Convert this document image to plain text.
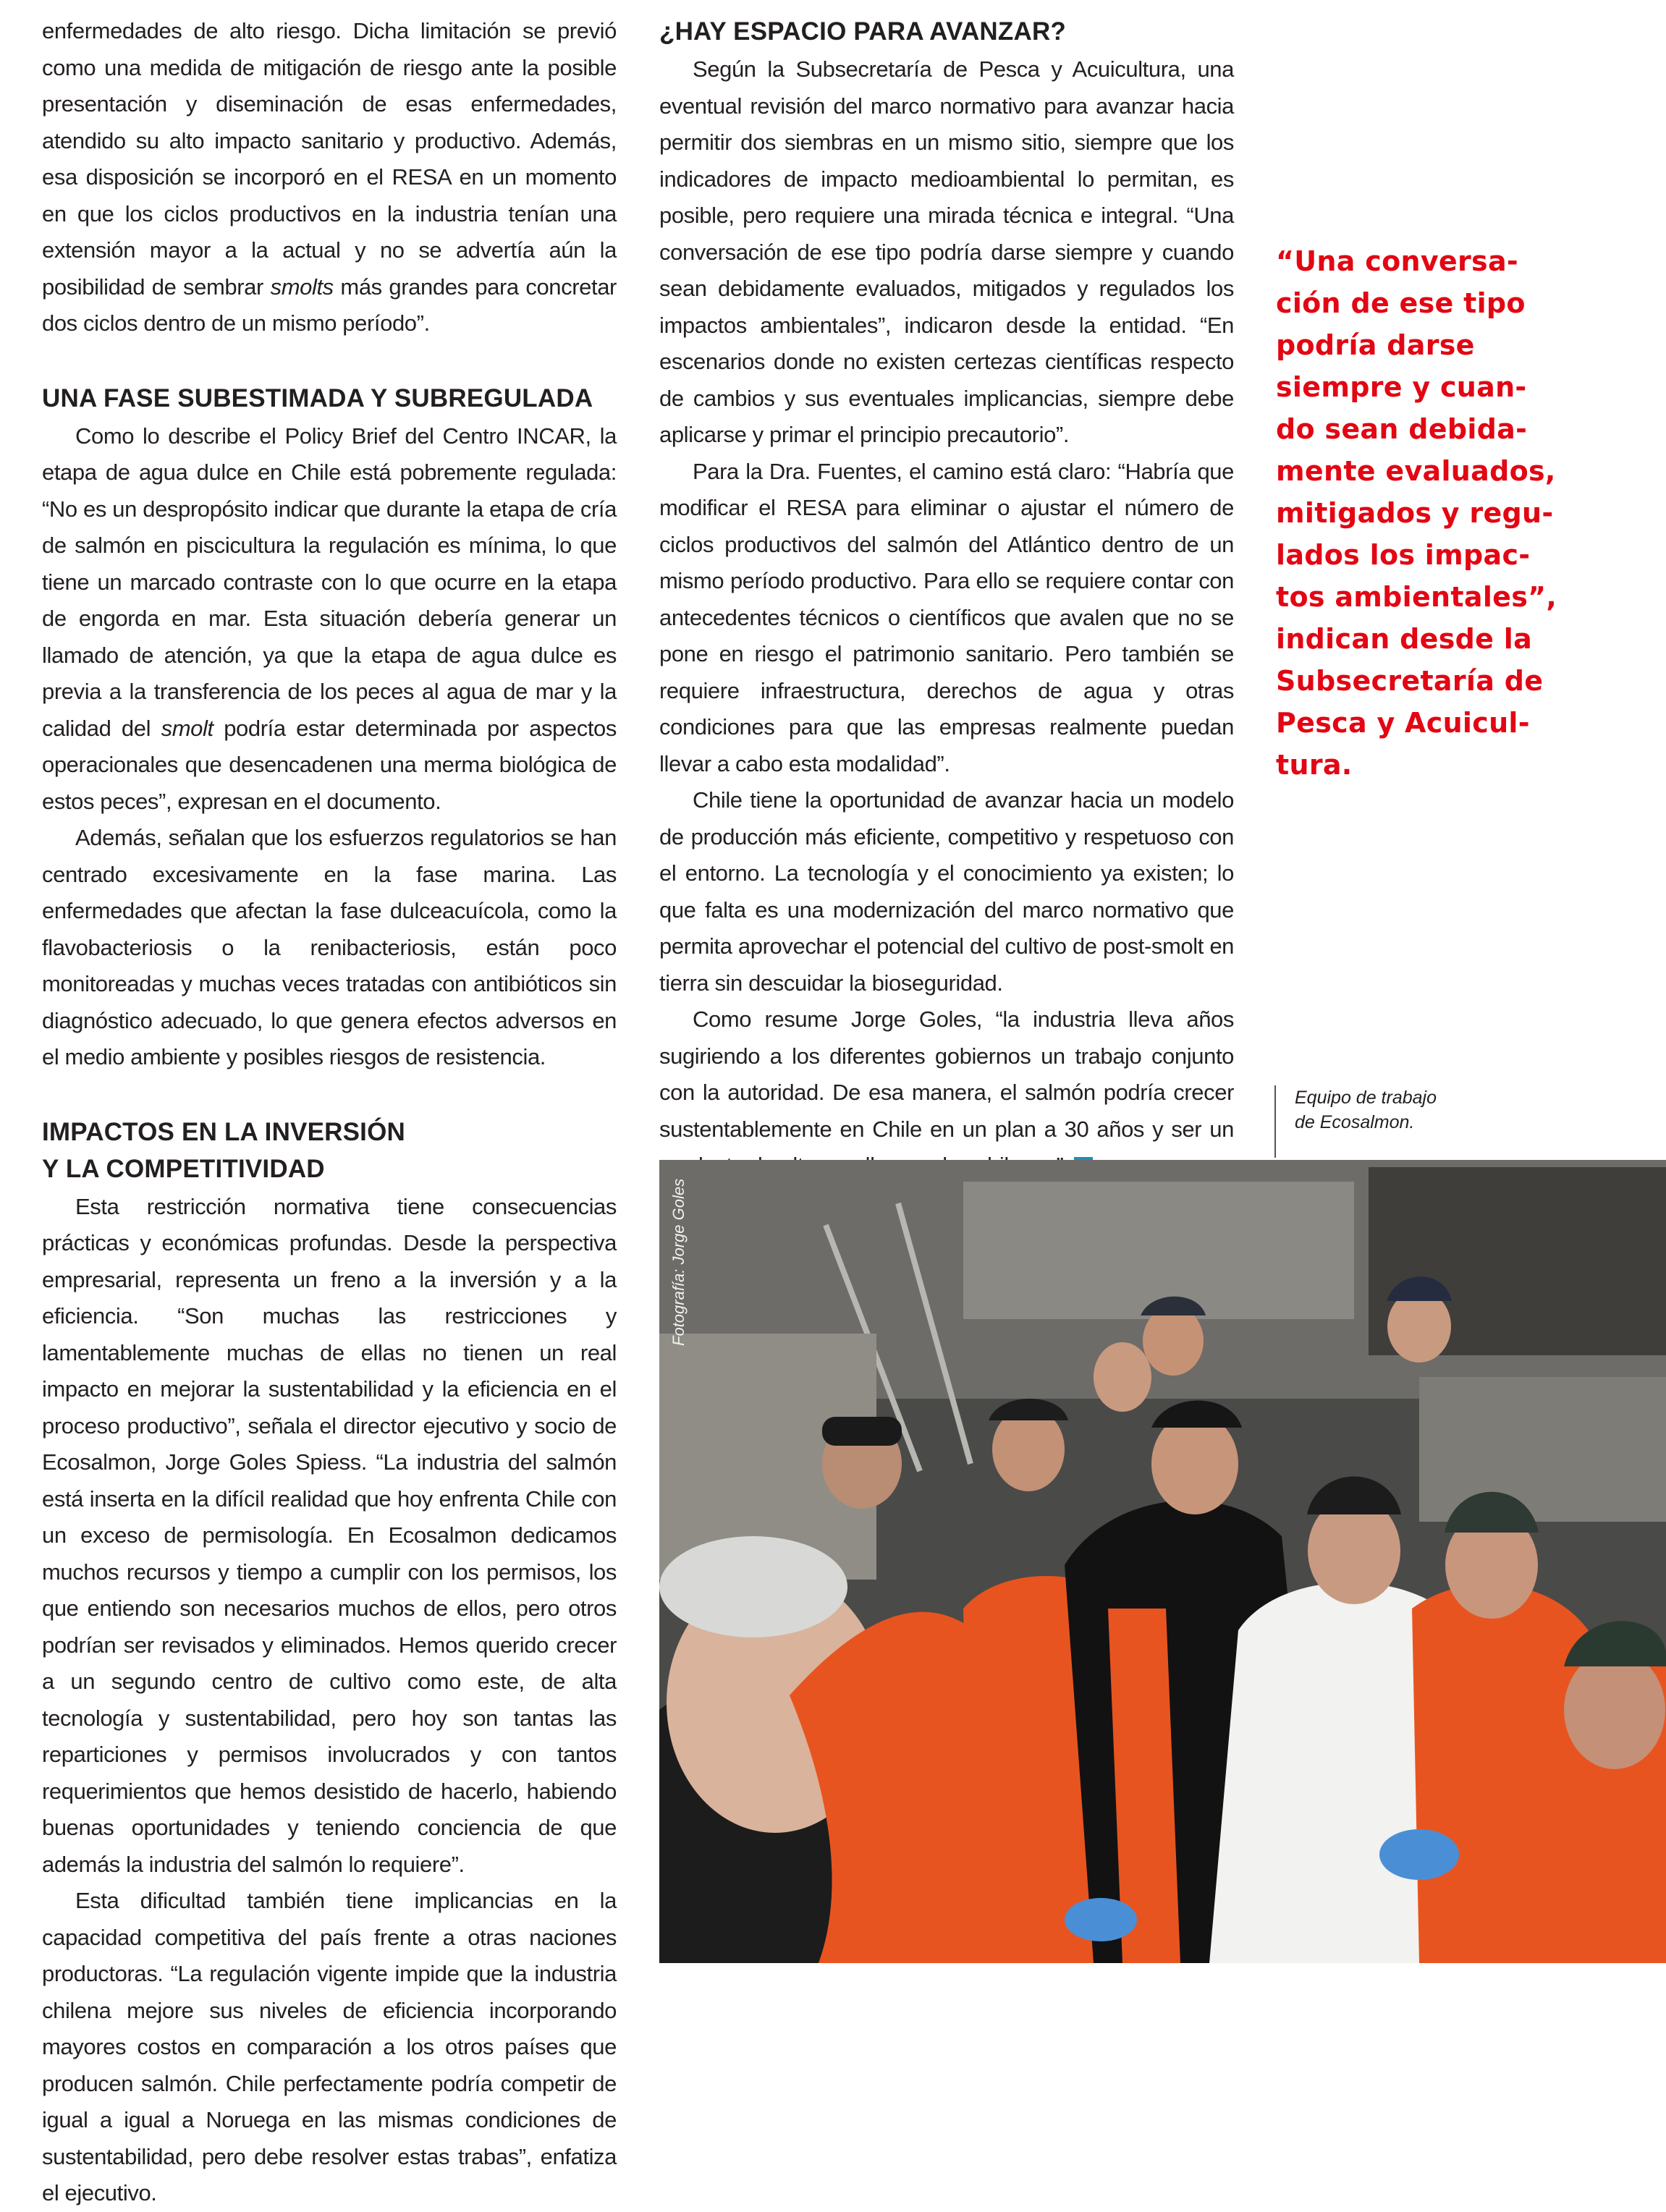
enfermedades de alto riesgo. Dicha limitación se previó como una medida de mitigación de riesgo ante la posible presentación y diseminación de esas enfermedades, atendido su alto impacto sanitario y productivo. Además, esa disposición se incorporó en el RESA en un momento en que los ciclos productivos en la industria tenían una extensión mayor a la actual y no se advertía aún la posibilidad de sembrar smolts más grandes para concretar dos ciclos dentro de un mismo período”.

UNA FASE SUBESTIMADA Y SUBREGULADA

Como lo describe el Policy Brief del Centro INCAR, la etapa de agua dulce en Chile está pobremente regulada: “No es un despropósito indicar que durante la etapa de cría de salmón en piscicultura la regulación es mínima, lo que tiene un marcado contraste con lo que ocurre en la etapa de engorda en mar. Esta situación debería generar un llamado de atención, ya que la etapa de agua dulce es previa a la transferencia de los peces al agua de mar y la calidad del smolt podría estar determinada por aspectos operacionales que desencadenen una merma biológica de estos peces”, expresan en el documento.

Además, señalan que los esfuerzos regulatorios se han centrado excesivamente en la fase marina. Las enfermedades que afectan la fase dulceacuícola, como la flavobacteriosis o la renibacteriosis, están poco monitoreadas y muchas veces tratadas con antibióticos sin diagnóstico adecuado, lo que genera efectos adversos en el medio ambiente y posibles riesgos de resistencia.

IMPACTOS EN LA INVERSIÓN
Y LA COMPETITIVIDAD

Esta restricción normativa tiene consecuencias prácticas y económicas profundas. Desde la perspectiva empresarial, representa un freno a la inversión y a la eficiencia. “Son muchas las restricciones y lamentablemente muchas de ellas no tienen un real impacto en mejorar la sustentabilidad y la eficiencia en el proceso productivo”, señala el director ejecutivo y socio de Ecosalmon, Jorge Goles Spiess. “La industria del salmón está inserta en la difícil realidad que hoy enfrenta Chile con un exceso de permisología. En Ecosalmon dedicamos muchos recursos y tiempo a cumplir con los permisos, los que entiendo son necesarios muchos de ellos, pero otros podrían ser revisados y eliminados. Hemos querido crecer a un segundo centro de cultivo como este, de alta tecnología y sustentabilidad, pero hoy son tantas las reparticiones y permisos involucrados y con tantos requerimientos que hemos desistido de hacerlo, habiendo buenas oportunidades y teniendo conciencia de que además la industria del salmón lo requiere”.

Esta dificultad también tiene implicancias en la capacidad competitiva del país frente a otras naciones productoras. “La regulación vigente impide que la industria chilena mejore sus niveles de eficiencia incorporando mayores costos en comparación a los otros países que producen salmón. Chile perfectamente podría competir de igual a igual a Noruega en las mismas condiciones de sustentabilidad, pero debe resolver estas trabas”, enfatiza el ejecutivo.

¿HAY ESPACIO PARA AVANZAR?

Según la Subsecretaría de Pesca y Acuicultura, una eventual revisión del marco normativo para avanzar hacia permitir dos siembras en un mismo sitio, siempre que los indicadores de impacto medioambiental lo permitan, es posible, pero requiere una mirada técnica e integral. “Una conversación de ese tipo podría darse siempre y cuando sean debidamente evaluados, mitigados y regulados los impactos ambientales”, indicaron desde la entidad. “En escenarios donde no existen certezas científicas respecto de cambios y sus eventuales implicancias, siempre debe aplicarse y primar el principio precautorio”.

Para la Dra. Fuentes, el camino está claro: “Habría que modificar el RESA para eliminar o ajustar el número de ciclos productivos del salmón del Atlántico dentro de un mismo período productivo. Para ello se requiere contar con antecedentes técnicos o científicos que avalen que no se pone en riesgo el patrimonio sanitario. Pero también se requiere infraestructura, derechos de agua y otras condiciones para que las empresas realmente puedan llevar a cabo esta modalidad”.

Chile tiene la oportunidad de avanzar hacia un modelo de producción más eficiente, competitivo y respetuoso con el entorno. La tecnología y el conocimiento ya existen; lo que falta es una modernización del marco normativo que permita aprovechar el potencial del cultivo de post-smolt en tierra sin descuidar la bioseguridad.

Como resume Jorge Goles, “la industria lleva años sugiriendo a los diferentes gobiernos un trabajo conjunto con la autoridad. De esa manera, el salmón podría crecer sustentablemente en Chile en un plan a 30 años y ser un

“Una conversa-
ción de ese tipo
podría darse
siempre y cuan-
do sean debida-
mente evaluados,
mitigados y regu-
lados los impac-
tos ambientales”,
indican desde la
Subsecretaría de
Pesca y Acuicul-
tura.
Equipo de trabajo
de Ecosalmon.
Fotografía: Jorge Goles
